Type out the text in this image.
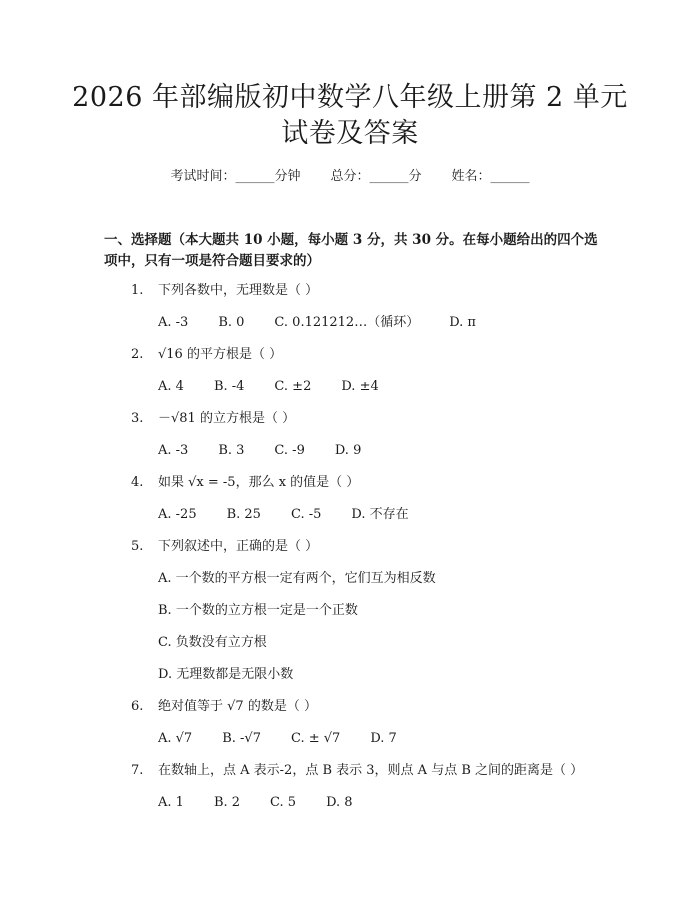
2026 年部编版初中数学八年级上册第 2 单元
试卷及答案
考试时间：______分钟 总分：______分 姓名：______
一、选择题（本大题共 10 小题，每小题 3 分，共 30 分。在每小题给出的四个选项中，只有一项是符合题目要求的）
1. 下列各数中，无理数是（ ）
A. -3 B. 0 C. 0.121212…（循环） D. π
2. √16 的平方根是（ ）
A. 4 B. -4 C. ±2 D. ±4
3. －√81 的立方根是（ ）
A. -3 B. 3 C. -9 D. 9
4. 如果 √x = -5，那么 x 的值是（ ）
A. -25 B. 25 C. -5 D. 不存在
5. 下列叙述中，正确的是（ ）
A. 一个数的平方根一定有两个，它们互为相反数
B. 一个数的立方根一定是一个正数
C. 负数没有立方根
D. 无理数都是无限小数
6. 绝对值等于 √7 的数是（ ）
A. √7 B. -√7 C. ± √7 D. 7
7. 在数轴上，点 A 表示-2，点 B 表示 3，则点 A 与点 B 之间的距离是（ ）
A. 1 B. 2 C. 5 D. 8
